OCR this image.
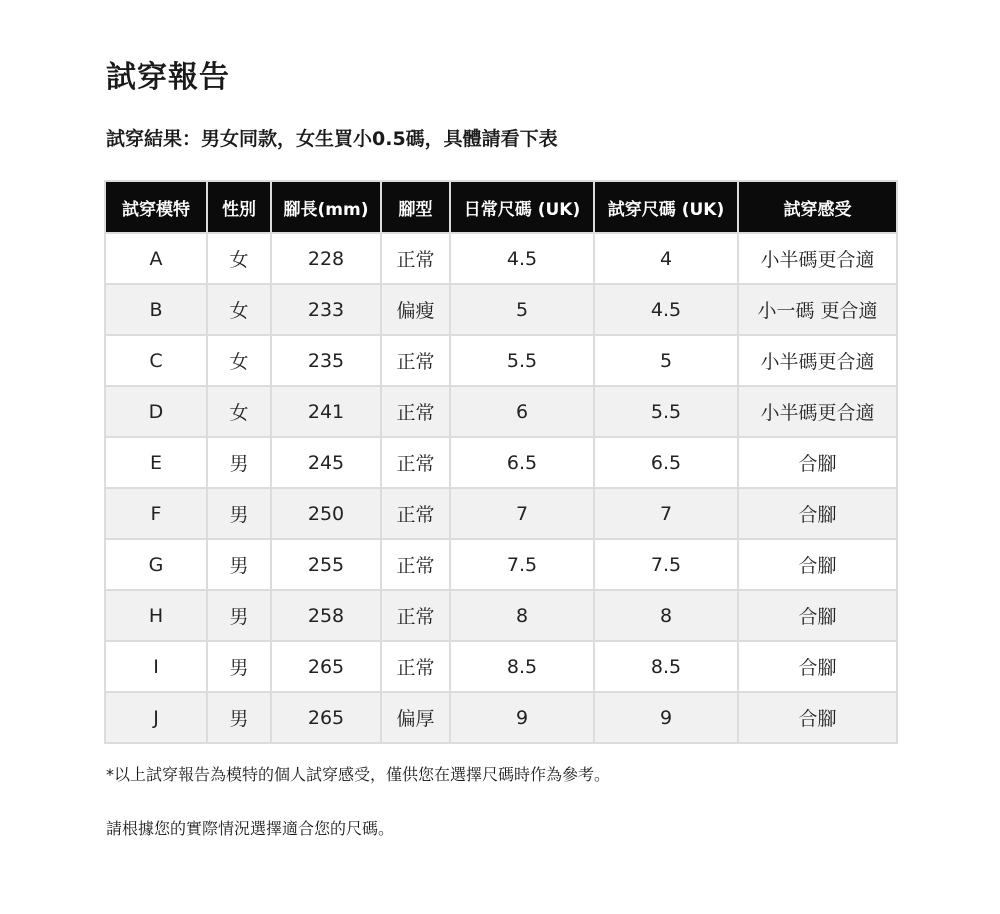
試穿報告

試穿結果：男女同款，女生買小0.5碼，具體請看下表

試穿模特	性別	腳長(mm)	腳型	日常尺碼 (UK)	試穿尺碼 (UK)	試穿感受
A	女	228	正常	4.5	4	小半碼更合適
B	女	233	偏瘦	5	4.5	小一碼 更合適
C	女	235	正常	5.5	5	小半碼更合適
D	女	241	正常	6	5.5	小半碼更合適
E	男	245	正常	6.5	6.5	合腳
F	男	250	正常	7	7	合腳
G	男	255	正常	7.5	7.5	合腳
H	男	258	正常	8	8	合腳
I	男	265	正常	8.5	8.5	合腳
J	男	265	偏厚	9	9	合腳

*以上試穿報告為模特的個人試穿感受，僅供您在選擇尺碼時作為參考。

請根據您的實際情況選擇適合您的尺碼。
